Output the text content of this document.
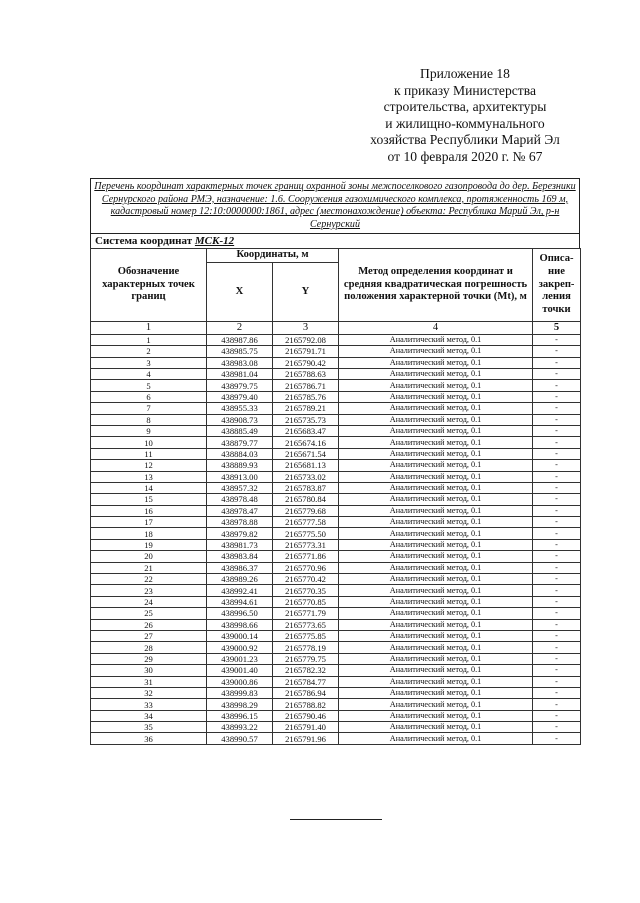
Приложение 18
к приказу Министерства
строительства, архитектуры
и жилищно-коммунального
хозяйства Республики Марий Эл
от 10 февраля 2020 г. № 67
Перечень координат характерных точек границ охранной зоны межпоселкового газопровода до дер. Березники Сернурского района РМЭ, назначение: 1.6. Сооружения газохимического комплекса, протяженность 169 м, кадастровый номер 12:10:0000000:1861, адрес (местонахождение) объекта: Республика Марий Эл, р-н Сернурский
Система координат МСК-12
Обозначение характерных точек границ	Координаты, м		Метод определения координат и средняя квадратическая погрешность положения характерной точки (Mt), м	Описа-ние закреп-ления точки
	X	Y		
1	2	3	4	5
1	438987.86	2165792.08	Аналитический метод, 0.1	-
2	438985.75	2165791.71	Аналитический метод, 0.1	-
3	438983.08	2165790.42	Аналитический метод, 0.1	-
4	438981.04	2165788.63	Аналитический метод, 0.1	-
5	438979.75	2165786.71	Аналитический метод, 0.1	-
6	438979.40	2165785.76	Аналитический метод, 0.1	-
7	438955.33	2165789.21	Аналитический метод, 0.1	-
8	438908.73	2165735.73	Аналитический метод, 0.1	-
9	438885.49	2165683.47	Аналитический метод, 0.1	-
10	438879.77	2165674.16	Аналитический метод, 0.1	-
11	438884.03	2165671.54	Аналитический метод, 0.1	-
12	438889.93	2165681.13	Аналитический метод, 0.1	-
13	438913.00	2165733.02	Аналитический метод, 0.1	-
14	438957.32	2165783.87	Аналитический метод, 0.1	-
15	438978.48	2165780.84	Аналитический метод, 0.1	-
16	438978.47	2165779.68	Аналитический метод, 0.1	-
17	438978.88	2165777.58	Аналитический метод, 0.1	-
18	438979.82	2165775.50	Аналитический метод, 0.1	-
19	438981.73	2165773.31	Аналитический метод, 0.1	-
20	438983.84	2165771.86	Аналитический метод, 0.1	-
21	438986.37	2165770.96	Аналитический метод, 0.1	-
22	438989.26	2165770.42	Аналитический метод, 0.1	-
23	438992.41	2165770.35	Аналитический метод, 0.1	-
24	438994.61	2165770.85	Аналитический метод, 0.1	-
25	438996.50	2165771.79	Аналитический метод, 0.1	-
26	438998.66	2165773.65	Аналитический метод, 0.1	-
27	439000.14	2165775.85	Аналитический метод, 0.1	-
28	439000.92	2165778.19	Аналитический метод, 0.1	-
29	439001.23	2165779.75	Аналитический метод, 0.1	-
30	439001.40	2165782.32	Аналитический метод, 0.1	-
31	439000.86	2165784.77	Аналитический метод, 0.1	-
32	438999.83	2165786.94	Аналитический метод, 0.1	-
33	438998.29	2165788.82	Аналитический метод, 0.1	-
34	438996.15	2165790.46	Аналитический метод, 0.1	-
35	438993.22	2165791.40	Аналитический метод, 0.1	-
36	438990.57	2165791.96	Аналитический метод, 0.1	-
